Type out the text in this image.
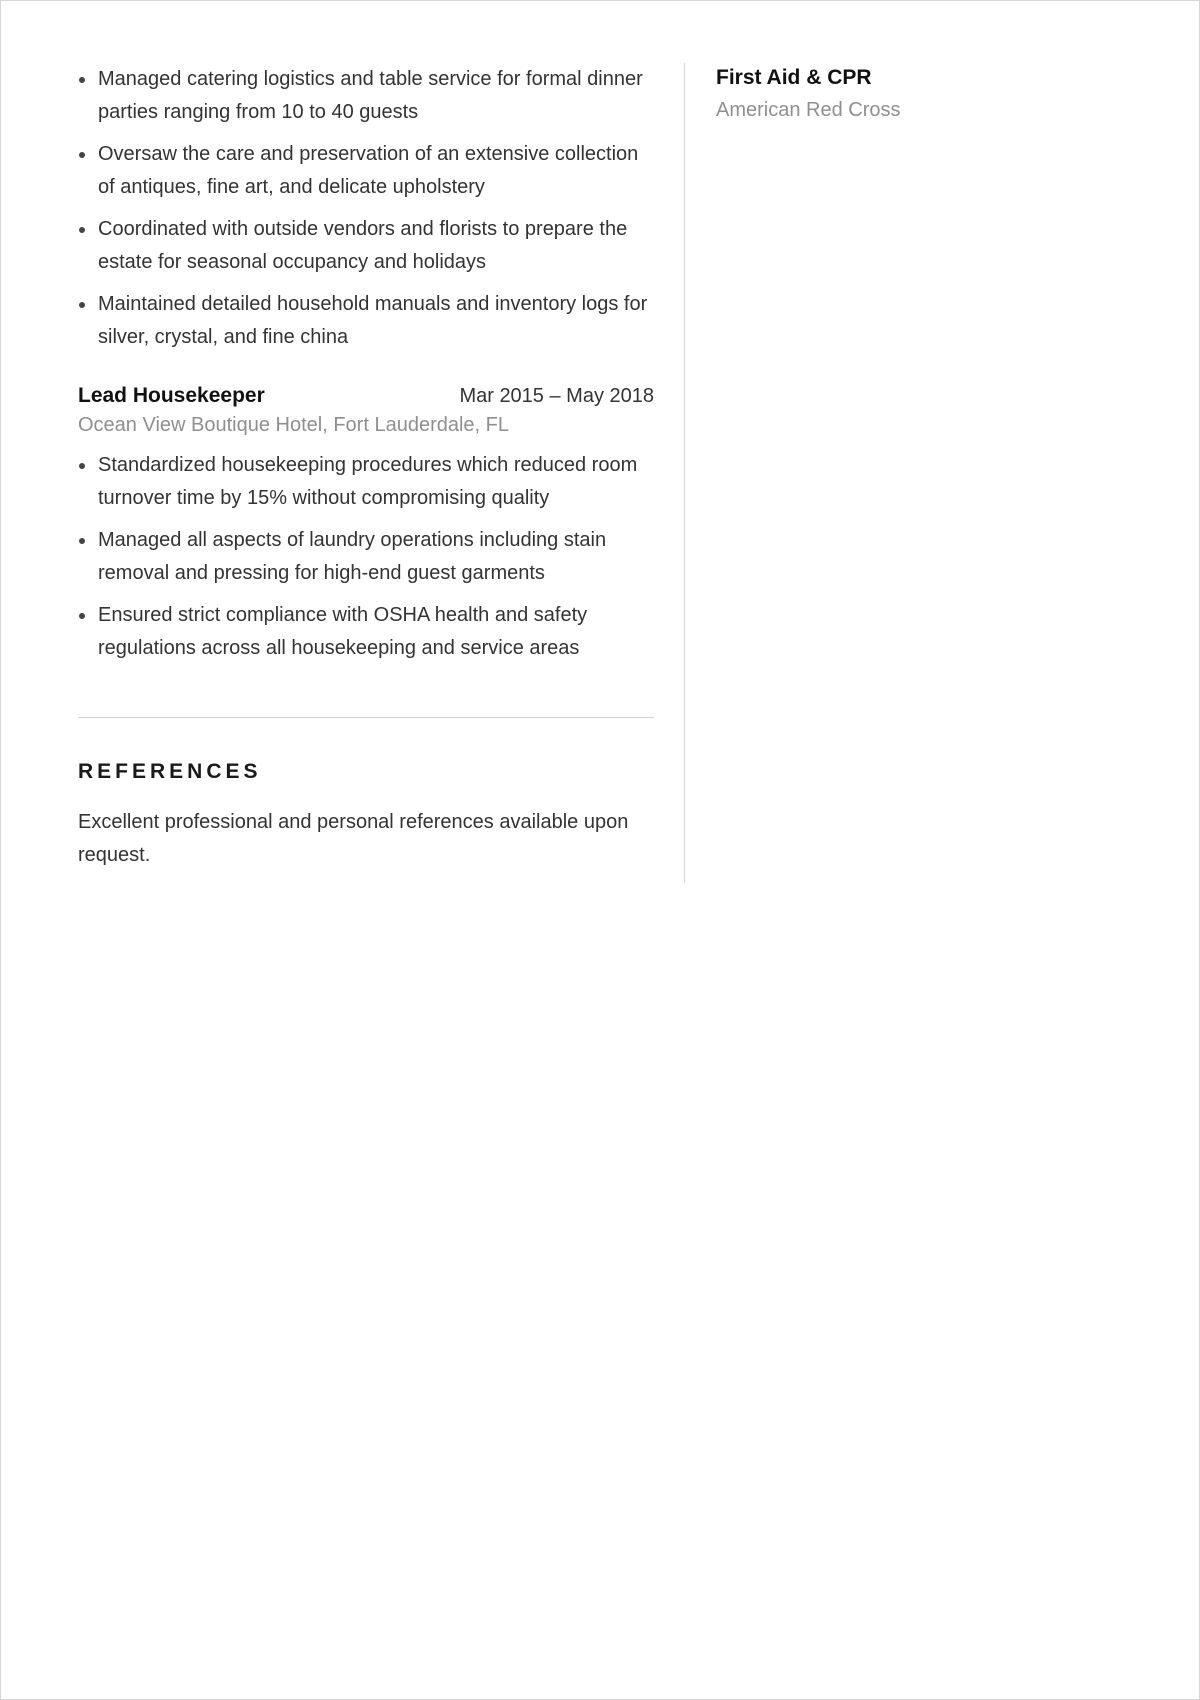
Managed catering logistics and table service for formal dinner parties ranging from 10 to 40 guests
Oversaw the care and preservation of an extensive collection of antiques, fine art, and delicate upholstery
Coordinated with outside vendors and florists to prepare the estate for seasonal occupancy and holidays
Maintained detailed household manuals and inventory logs for silver, crystal, and fine china
Lead Housekeeper	Mar 2015 – May 2018
Ocean View Boutique Hotel, Fort Lauderdale, FL
Standardized housekeeping procedures which reduced room turnover time by 15% without compromising quality
Managed all aspects of laundry operations including stain removal and pressing for high-end guest garments
Ensured strict compliance with OSHA health and safety regulations across all housekeeping and service areas
REFERENCES
Excellent professional and personal references available upon request.
First Aid & CPR
American Red Cross
